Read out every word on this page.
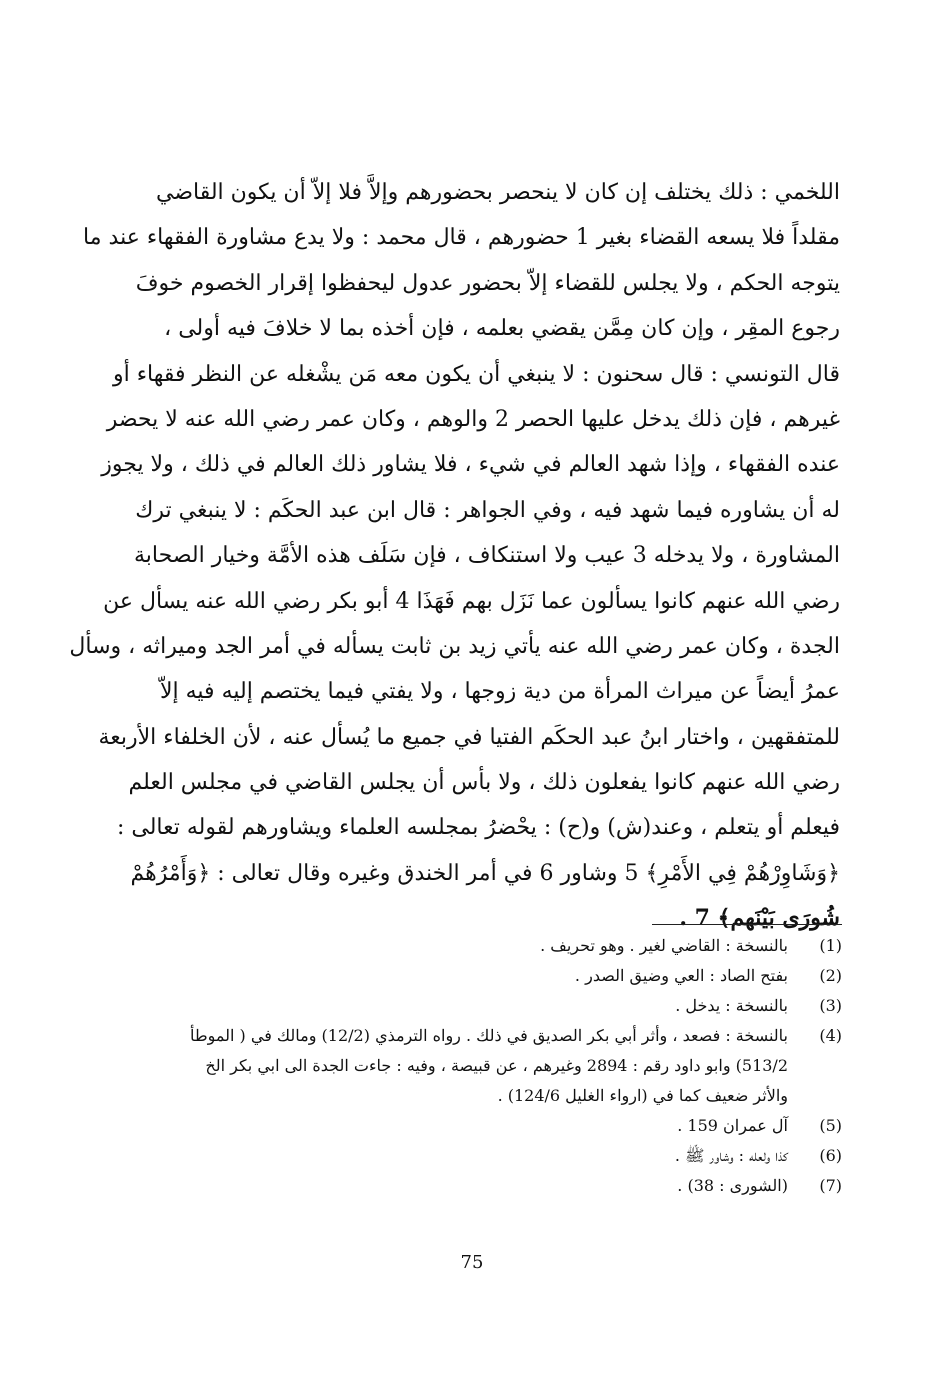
اللخمي : ذلك يختلف إن كان لا ينحصر بحضورهم وإلاَّ فلا إلاّ أن يكون القاضي
مقلداً فلا يسعه القضاء بغير 1 حضورهم ، قال محمد : ولا يدع مشاورة الفقهاء عند ما
يتوجه الحكم ، ولا يجلس للقضاء إلاّ بحضور عدول ليحفظوا إقرار الخصوم خوفَ
رجوع المقِر ، وإن كان مِمَّن يقضي بعلمه ، فإن أخذه بما لا خلافَ فيه أولى ،
قال التونسي : قال سحنون : لا ينبغي أن يكون معه مَن يشْغله عن النظر فقهاء أو
غيرهم ، فإن ذلك يدخل عليها الحصر 2 والوهم ، وكان عمر رضي الله عنه لا يحضر
عنده الفقهاء ، وإذا شهد العالم في شيء ، فلا يشاور ذلك العالم في ذلك ، ولا يجوز
له أن يشاوره فيما شهد فيه ، وفي الجواهر : قال ابن عبد الحكَم : لا ينبغي ترك
المشاورة ، ولا يدخله 3 عيب ولا استنكاف ، فإن سَلَف هذه الأمَّة وخيار الصحابة
رضي الله عنهم كانوا يسألون عما نَزَل بهم فَهَذَا 4 أبو بكر رضي الله عنه يسأل عن
الجدة ، وكان عمر رضي الله عنه يأتي زيد بن ثابت يسأله في أمر الجد وميراثه ، وسأل
عمرُ أيضاً عن ميراث المرأة من دية زوجها ، ولا يفتي فيما يختصم إليه فيه إلاّ
للمتفقهين ، واختار ابنُ عبد الحكَم الفتيا في جميع ما يُسأل عنه ، لأن الخلفاء الأربعة
رضي الله عنهم كانوا يفعلون ذلك ، ولا بأس أن يجلس القاضي في مجلس العلم
فيعلم أو يتعلم ، وعند(ش) و(ح) : يحْضرُ بمجلسه العلماء ويشاورهم لقوله تعالى :
﴿وَشَاوِرْهُمْ فِي الأَمْرِ﴾ 5 وشاور 6 في أمر الخندق وغيره وقال تعالى : ﴿وَأَمْرُهُمْ
شُورَى بَيْنَهم﴾ 7 .
(1)
بالنسخة : القاضي لغير . وهو تحريف .
(2)
بفتح الصاد : العي وضيق الصدر .
(3)
بالنسخة : يدخل .
(4)
بالنسخة : فصعد ، وأثر أبي بكر الصديق في ذلك . رواه الترمذي (12/2) ومالك في ( الموطأ
513/2) وابو داود رقم : 2894 وغيرهم ، عن قبيصة ، وفيه : جاءت الجدة الى ابي بكر الخ
والأثر ضعيف كما في (ارواء الغليل 124/6) .
(5)
آل عمران 159 .
(6)
كذا ولعله : وشاور ﷺ .
(7)
(الشورى : 38) .
75
